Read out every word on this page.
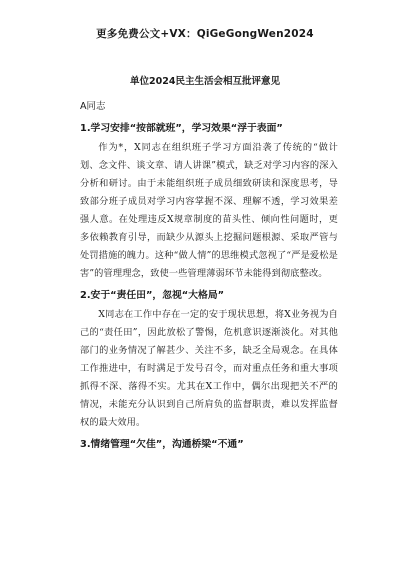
更多免费公文+VX：QiGeGongWen2024
单位2024民主生活会相互批评意见
A同志
1.学习安排“按部就班”，学习效果“浮于表面”

作为*，X同志在组织班子学习方面沿袭了传统的“做计划、念文件、谈文章、请人讲课”模式，缺乏对学习内容的深入分析和研讨。由于未能组织班子成员细致研读和深度思考，导致部分班子成员对学习内容掌握不深、理解不透，学习效果差强人意。在处理违反X规章制度的苗头性、倾向性问题时，更多依赖教育引导，而缺少从源头上挖掘问题根源、采取严管与处罚措施的魄力。这种“做人情”的思维模式忽视了“严是爱松是害”的管理理念，致使一些管理薄弱环节未能得到彻底整改。

2.安于“责任田”，忽视“大格局”

X同志在工作中存在一定的安于现状思想，将X业务视为自己的“责任田”，因此放松了警惕，危机意识逐渐淡化。对其他部门的业务情况了解甚少、关注不多，缺乏全局观念。在具体工作推进中，有时满足于发号召令，而对重点任务和重大事项抓得不深、落得不实。尤其在X工作中，偶尔出现把关不严的情况，未能充分认识到自己所肩负的监督职责，难以发挥监督权的最大效用。

3.情绪管理“欠佳”，沟通桥梁“不通”
